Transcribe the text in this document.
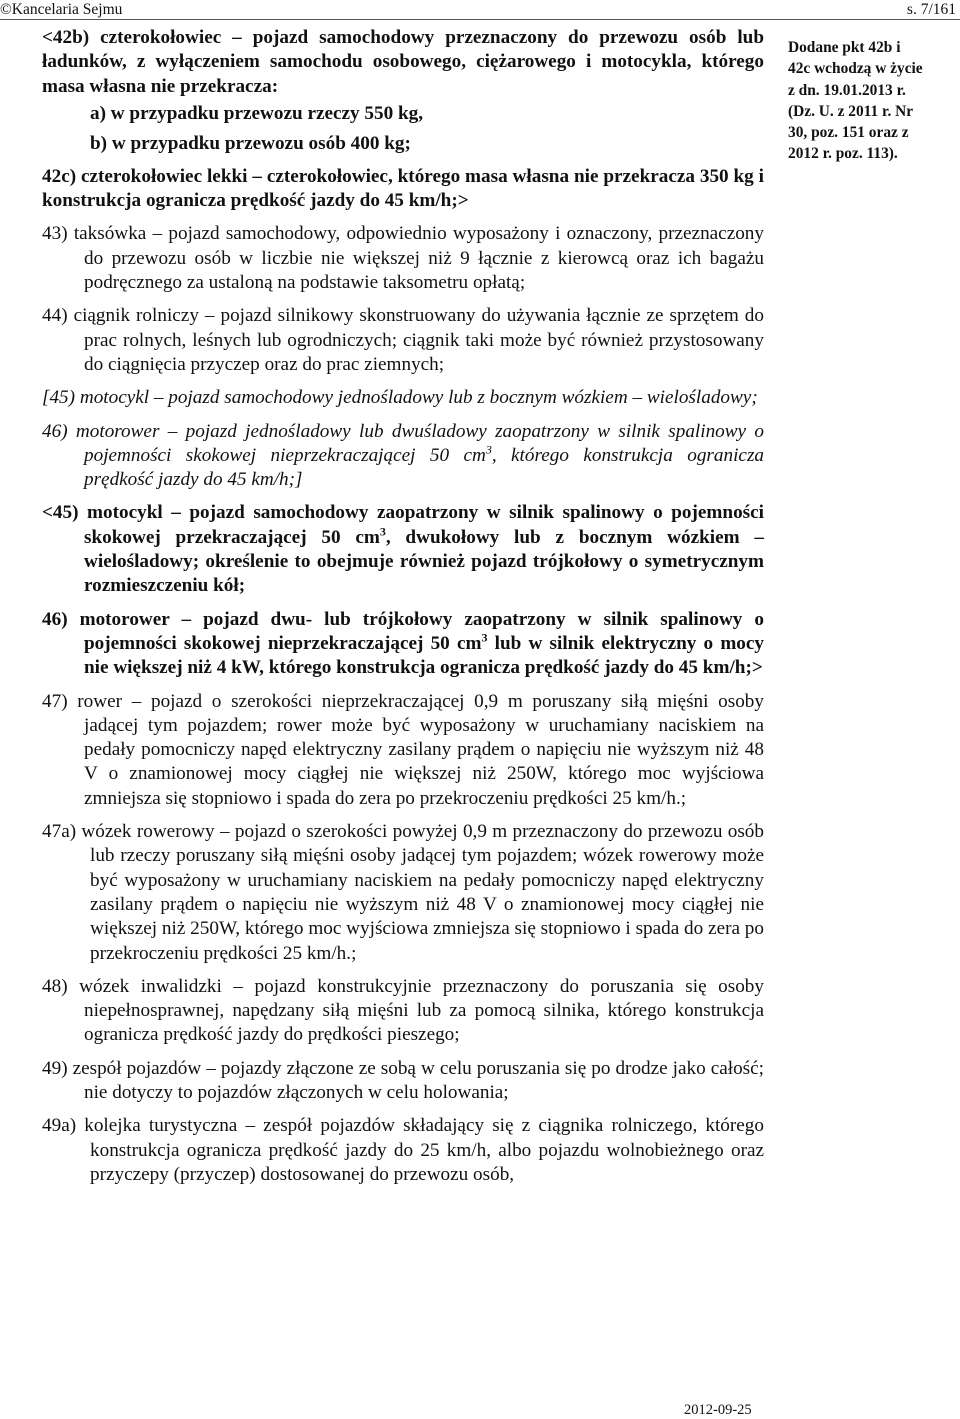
©Kancelaria Sejmu	s. 7/161

<42b) czterokołowiec – pojazd samochodowy przeznaczony do przewozu osób lub ładunków, z wyłączeniem samochodu osobowego, ciężarowego i motocykla, którego masa własna nie przekracza:

a) w przypadku przewozu rzeczy 550 kg,

b) w przypadku przewozu osób 400 kg;

42c) czterokołowiec lekki – czterokołowiec, którego masa własna nie przekracza 350 kg i konstrukcja ogranicza prędkość jazdy do 45 km/h;>

43) taksówka – pojazd samochodowy, odpowiednio wyposażony i oznaczony, przeznaczony do przewozu osób w liczbie nie większej niż 9 łącznie z kierowcą oraz ich bagażu podręcznego za ustaloną na podstawie taksometru opłatą;

44) ciągnik rolniczy – pojazd silnikowy skonstruowany do używania łącznie ze sprzętem do prac rolnych, leśnych lub ogrodniczych; ciągnik taki może być również przystosowany do ciągnięcia przyczep oraz do prac ziemnych;

[45) motocykl – pojazd samochodowy jednośladowy lub z bocznym wózkiem – wielośladowy;

46) motorower – pojazd jednośladowy lub dwuśladowy zaopatrzony w silnik spalinowy o pojemności skokowej nieprzekraczającej 50 $cm^3$, którego konstrukcja ogranicza prędkość jazdy do 45 km/h;]

<45) motocykl – pojazd samochodowy zaopatrzony w silnik spalinowy o pojemności skokowej przekraczającej 50 $cm^3$, dwukołowy lub z bocznym wózkiem – wielośladowy; określenie to obejmuje również pojazd trójkołowy o symetrycznym rozmieszczeniu kół;

46) motorower – pojazd dwu- lub trójkołowy zaopatrzony w silnik spalinowy o pojemności skokowej nieprzekraczającej 50 $cm^3$ lub w silnik elektryczny o mocy nie większej niż 4 kW, którego konstrukcja ogranicza prędkość jazdy do 45 km/h;>

47) rower – pojazd o szerokości nieprzekraczającej 0,9 m poruszany siłą mięśni osoby jadącej tym pojazdem; rower może być wyposażony w uruchamiany naciskiem na pedały pomocniczy napęd elektryczny zasilany prądem o napięciu nie wyższym niż 48 V o znamionowej mocy ciągłej nie większej niż 250W, którego moc wyjściowa zmniejsza się stopniowo i spada do zera po przekroczeniu prędkości 25 km/h.;

47a) wózek rowerowy – pojazd o szerokości powyżej 0,9 m przeznaczony do przewozu osób lub rzeczy poruszany siłą mięśni osoby jadącej tym pojazdem; wózek rowerowy może być wyposażony w uruchamiany naciskiem na pedały pomocniczy napęd elektryczny zasilany prądem o napięciu nie wyższym niż 48 V o znamionowej mocy ciągłej nie większej niż 250W, którego moc wyjściowa zmniejsza się stopniowo i spada do zera po przekroczeniu prędkości 25 km/h.;

48) wózek inwalidzki – pojazd konstrukcyjnie przeznaczony do poruszania się osoby niepełnosprawnej, napędzany siłą mięśni lub za pomocą silnika, którego konstrukcja ogranicza prędkość jazdy do prędkości pieszego;

49) zespół pojazdów – pojazdy złączone ze sobą w celu poruszania się po drodze jako całość; nie dotyczy to pojazdów złączonych w celu holowania;

49a) kolejka turystyczna – zespół pojazdów składający się z ciągnika rolniczego, którego konstrukcja ogranicza prędkość jazdy do 25 km/h, albo pojazdu wolnobieżnego oraz przyczepy (przyczep) dostosowanej do przewozu osób,

Dodane pkt 42b i
42c wchodzą w życie
z dn. 19.01.2013 r.
(Dz. U. z 2011 r. Nr
30, poz. 151 oraz z
2012 r. poz. 113).
2012-09-25
